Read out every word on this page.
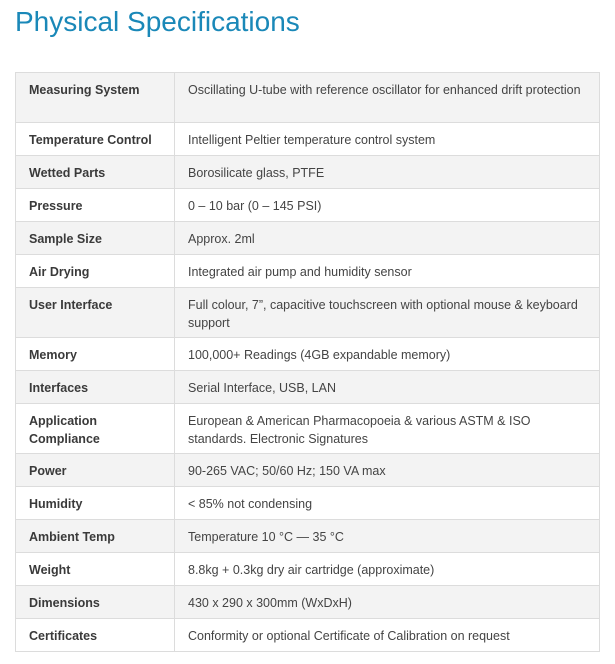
Physical Specifications
Measuring System	Oscillating U-tube with reference oscillator for enhanced drift protection
Temperature Control	Intelligent Peltier temperature control system
Wetted Parts	Borosilicate glass, PTFE
Pressure	0 – 10 bar (0 – 145 PSI)
Sample Size	Approx. 2ml
Air Drying	Integrated air pump and humidity sensor
User Interface	Full colour, 7”, capacitive touchscreen with optional mouse & keyboard support
Memory	100,000+ Readings (4GB expandable memory)
Interfaces	Serial Interface, USB, LAN
Application Compliance	European & American Pharmacopoeia & various ASTM & ISO standards. Electronic Signatures
Power	90-265 VAC; 50/60 Hz; 150 VA max
Humidity	< 85% not condensing
Ambient Temp	Temperature 10 °C — 35 °C
Weight	8.8kg + 0.3kg dry air cartridge (approximate)
Dimensions	430 x 290 x 300mm (WxDxH)
Certificates	Conformity or optional Certificate of Calibration on request
